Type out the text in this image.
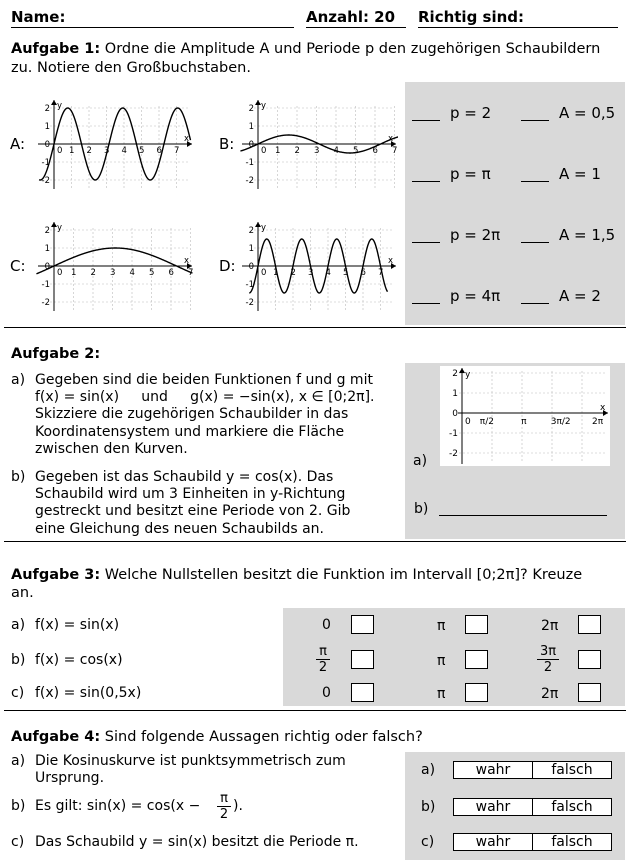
Name:	Anzahl: 20 Richtig sind:
Aufgabe 1: Ordne die Amplitude A und Periode p den zugehörigen Schaubildern zu. Notiere den Großbuchstaben.
A:	B:
C:	D:
2
1
0
-1
-2
0 1 2 3 4 5 6 7
x
y	2
1
0
-1
-2
0 1 2 3 4 5 6 7
x
y
2
1
0
-1
-2
0 1 2 3 4 5 6 7
x
y	2
1
0
-1
-2
0 1 2 3 4 5 6 7
x
y
p = 2	A = 0,5
p = π	A = 1
p = 2π	A = 1,5
p = 4π	A = 2
Aufgabe 2:
a) Gegeben sind die beiden Funktionen f und g mit
f(x) = sin(x)     und     g(x) = −sin(x), x ∈ [0;2π].
Skizziere die zugehörigen Schaubilder in das
Koordinatensystem und markiere die Fläche
zwischen den Kurven.
b) Gegeben ist das Schaubild y = cos(x). Das
Schaubild wird um 3 Einheiten in y-Richtung
gestreckt und besitzt eine Periode von 2. Gib
eine Gleichung des neuen Schaubilds an.
2
1
0
-1
-2
0 π/2	π	3π/2 2π
x
y
a)
b)
Aufgabe 3: Welche Nullstellen besitzt die Funktion im Intervall [0;2π]? Kreuze
an.
a) f(x) = sin(x)	0	π	2π
b) f(x) = cos(x)	$\frac{\pi}{2}$	π	$\frac{3\pi}{2}$
c) f(x) = sin(0,5x)	0	π	2π
Aufgabe 4: Sind folgende Aussagen richtig oder falsch?
a) Die Kosinuskurve ist punktsymmetrisch zum
Ursprung.
b) Es gilt: $\sin(x) = \cos(x - \frac{\pi}{2}$ ).
c) Das Schaubild y = sin(x) besitzt die Periode π.
a)	wahr	falsch
b)	wahr	falsch
c)	wahr	falsch
